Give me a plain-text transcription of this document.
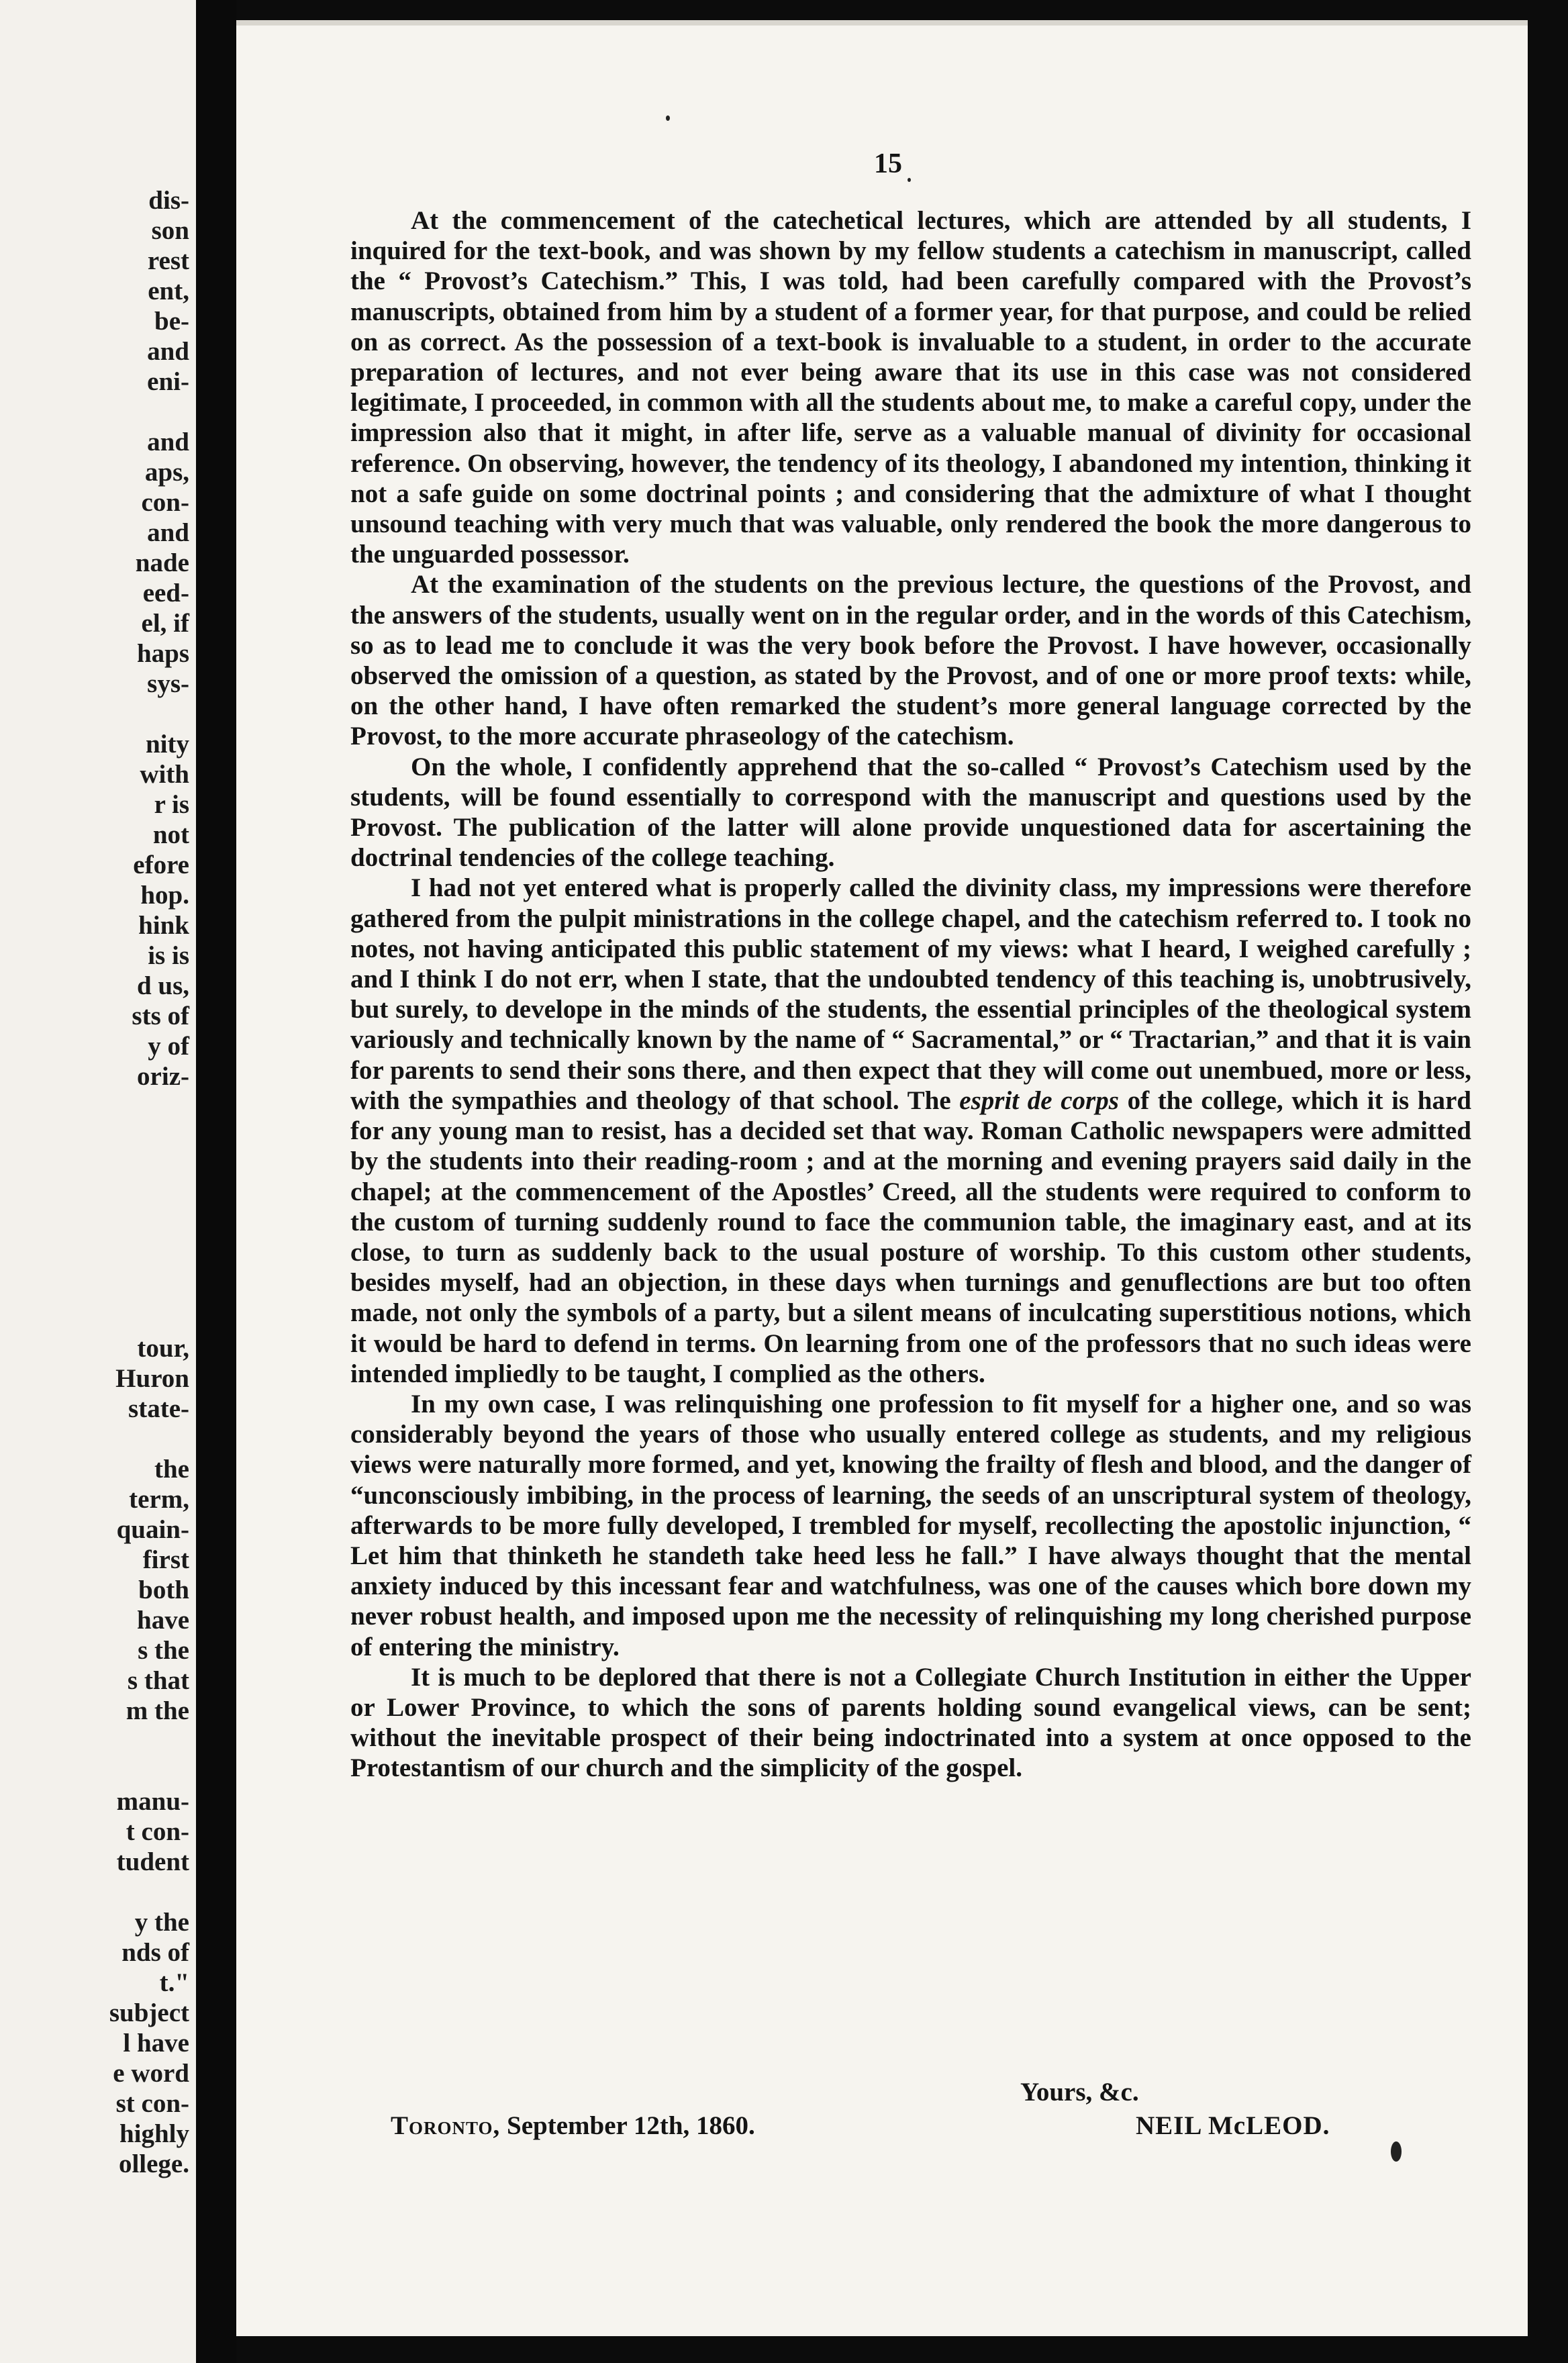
dis-
son
rest
ent,
be-
and
eni-
and
aps,
con-
and
nade
eed-
el, if
haps
sys-
nity
with
r is
not
efore
hop.
hink
is is
d us,
sts of
y of
oriz-
tour,
Huron
state-
the
term,
quain-
first
both
have
s the
s that
m the
manu-
t con-
tudent
y the
nds of
t."
subject
l have
e word
st con-
highly
ollege.
15

At the commencement of the catechetical lectures, which are attended by all students, I inquired for the text-book, and was shown by my fellow students a catechism in manuscript, called the “ Provost’s Catechism.” This, I was told, had been carefully compared with the Provost’s manuscripts, obtained from him by a student of a former year, for that purpose, and could be relied on as correct. As the possession of a text-book is invaluable to a student, in order to the accurate preparation of lectures, and not ever being aware that its use in this case was not considered legitimate, I proceeded, in common with all the students about me, to make a careful copy, under the impression also that it might, in after life, serve as a valuable manual of divinity for occasional reference. On observing, however, the tendency of its theology, I abandoned my intention, thinking it not a safe guide on some doctrinal points ; and considering that the admixture of what I thought unsound teaching with very much that was valuable, only rendered the book the more dangerous to the unguarded possessor.

At the examination of the students on the previous lecture, the questions of the Provost, and the answers of the students, usually went on in the regular order, and in the words of this Catechism, so as to lead me to conclude it was the very book before the Provost. I have however, occasionally observed the omission of a question, as stated by the Provost, and of one or more proof texts: while, on the other hand, I have often remarked the student’s more general language corrected by the Provost, to the more accurate phraseology of the catechism.

On the whole, I confidently apprehend that the so-called “ Provost’s Catechism used by the students, will be found essentially to correspond with the manuscript and questions used by the Provost. The publication of the latter will alone provide unquestioned data for ascertaining the doctrinal tendencies of the college teaching.

I had not yet entered what is properly called the divinity class, my impressions were therefore gathered from the pulpit ministrations in the college chapel, and the catechism referred to. I took no notes, not having anticipated this public statement of my views: what I heard, I weighed carefully ; and I think I do not err, when I state, that the undoubted tendency of this teaching is, unobtrusively, but surely, to develope in the minds of the students, the essential principles of the theological system variously and technically known by the name of “ Sacramental,” or “ Tractarian,” and that it is vain for parents to send their sons there, and then expect that they will come out unembued, more or less, with the sympathies and theology of that school. The esprit de corps of the college, which it is hard for any young man to resist, has a decided set that way. Roman Catholic newspapers were admitted by the students into their reading-room ; and at the morning and evening prayers said daily in the chapel; at the commencement of the Apostles’ Creed, all the students were required to conform to the custom of turning suddenly round to face the communion table, the imaginary east, and at its close, to turn as suddenly back to the usual posture of worship. To this custom other students, besides myself, had an objection, in these days when turnings and genuflections are but too often made, not only the symbols of a party, but a silent means of inculcating superstitious notions, which it would be hard to defend in terms. On learning from one of the professors that no such ideas were intended impliedly to be taught, I complied as the others.

In my own case, I was relinquishing one profession to fit myself for a higher one, and so was considerably beyond the years of those who usually entered college as students, and my religious views were naturally more formed, and yet, knowing the frailty of flesh and blood, and the danger of “unconsciously imbibing, in the process of learning, the seeds of an unscriptural system of theology, afterwards to be more fully developed, I trembled for myself, recollecting the apostolic injunction, “ Let him that thinketh he standeth take heed less he fall.” I have always thought that the mental anxiety induced by this incessant fear and watchfulness, was one of the causes which bore down my never robust health, and imposed upon me the necessity of relinquishing my long cherished purpose of entering the ministry.

It is much to be deplored that there is not a Collegiate Church Institution in either the Upper or Lower Province, to which the sons of parents holding sound evangelical views, can be sent; without the inevitable prospect of their being indoctrinated into a system at once opposed to the Protestantism of our church and the simplicity of the gospel.

Yours, &c.
Toronto, September 12th, 1860.	NEIL McLEOD.
